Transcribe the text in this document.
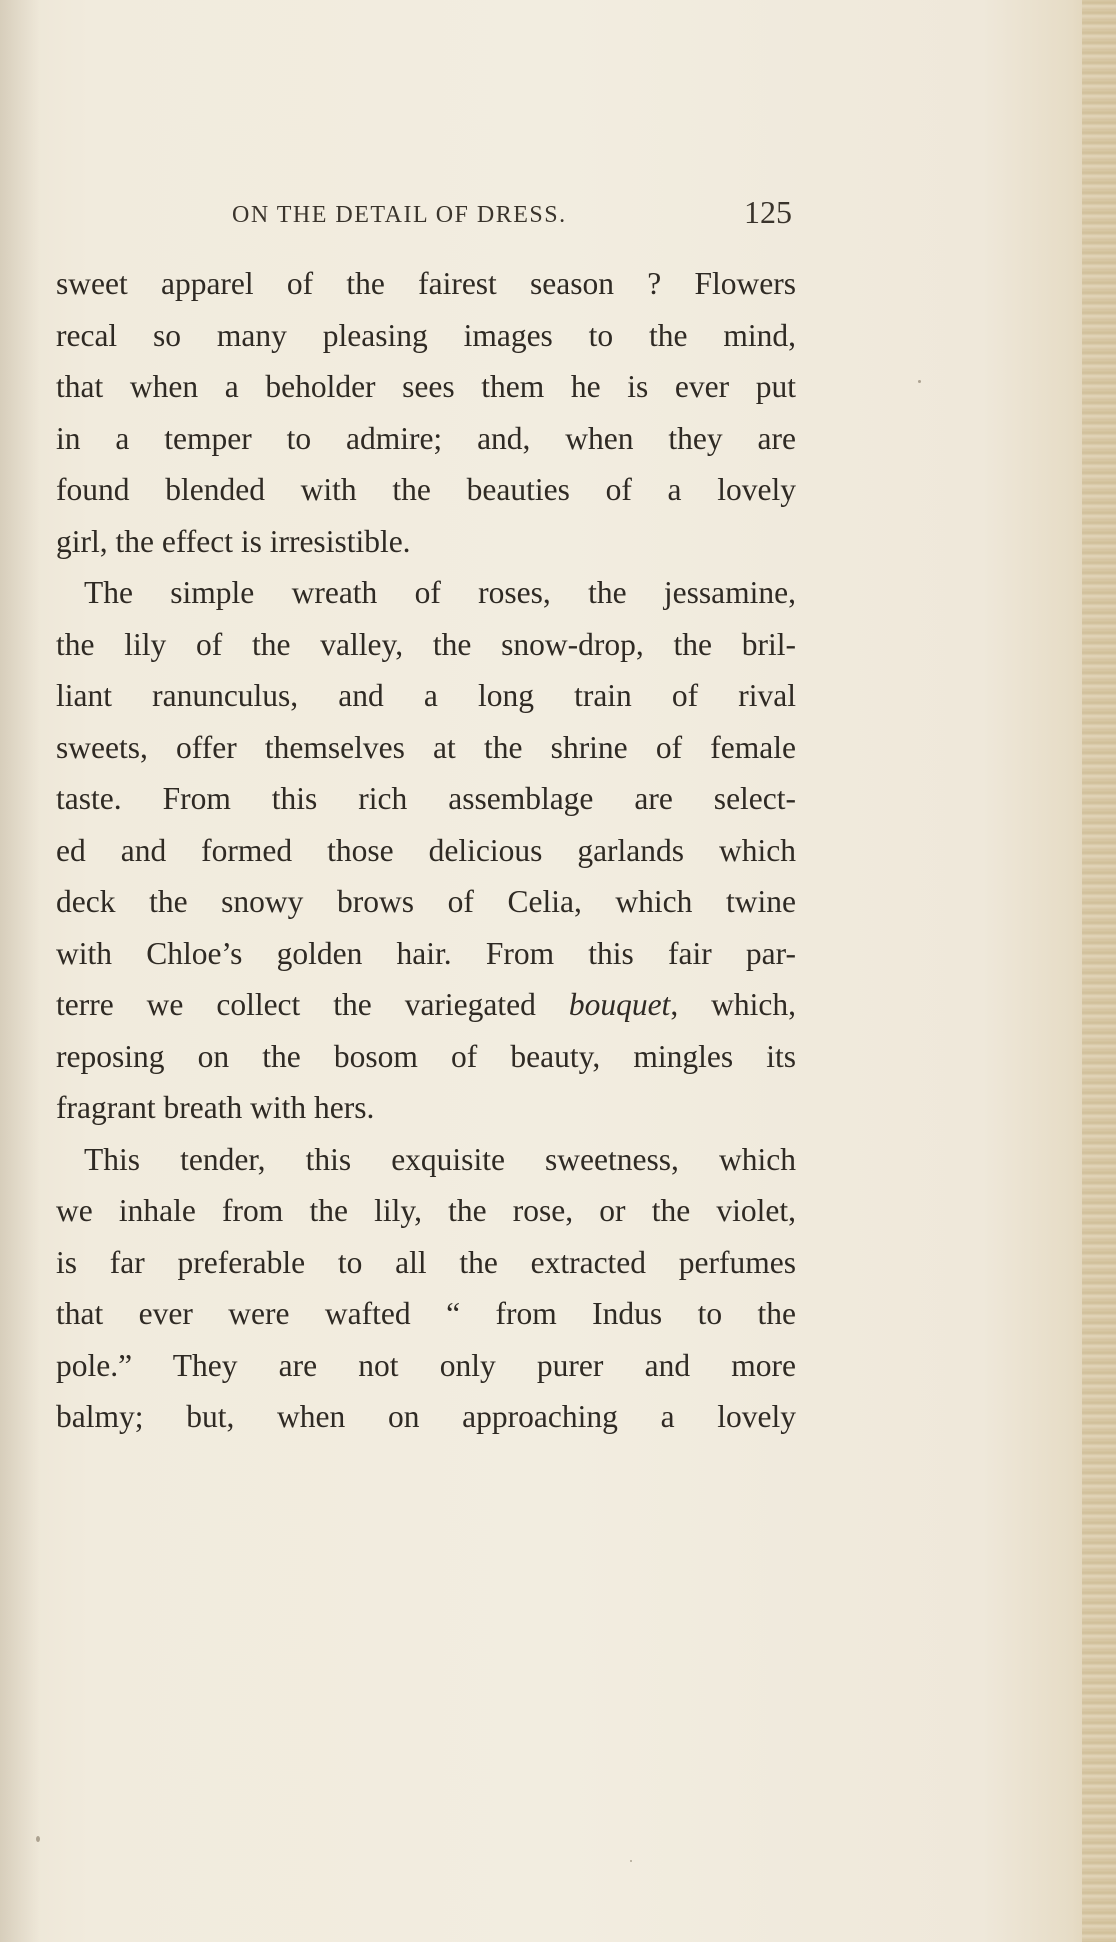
ON THE DETAIL OF DRESS.	125
sweet apparel of the fairest season ? Flowers
recal so many pleasing images to the mind,
that when a beholder sees them he is ever put
in a temper to admire; and, when they are
found blended with the beauties of a lovely
girl, the effect is irresistible.
The simple wreath of roses, the jessamine,
the lily of the valley, the snow-drop, the bril-
liant ranunculus, and a long train of rival
sweets, offer themselves at the shrine of female
taste. From this rich assemblage are select-
ed and formed those delicious garlands which
deck the snowy brows of Celia, which twine
with Chloe’s golden hair. From this fair par-
terre we collect the variegated bouquet, which,
reposing on the bosom of beauty, mingles its
fragrant breath with hers.
This tender, this exquisite sweetness, which
we inhale from the lily, the rose, or the violet,
is far preferable to all the extracted perfumes
that ever were wafted “ from Indus to the
pole.” They are not only purer and more
balmy; but, when on approaching a lovely
